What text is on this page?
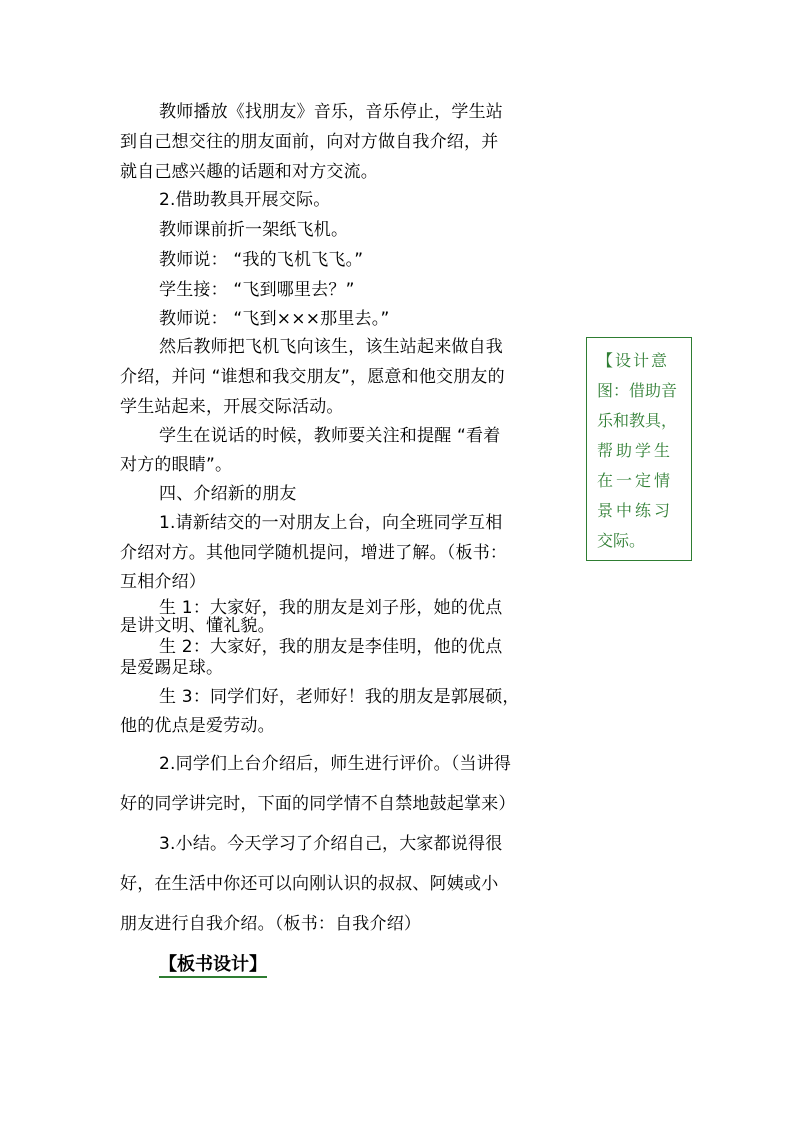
教师播放《找朋友》音乐，音乐停止，学生站
到自己想交往的朋友面前，向对方做自我介绍，并
就自己感兴趣的话题和对方交流。
2.借助教具开展交际。
教师课前折一架纸飞机。
教师说： “我的飞机飞飞。”
学生接： “飞到哪里去？”
教师说： “飞到×××那里去。”
然后教师把飞机飞向该生，该生站起来做自我
介绍，并问 “谁想和我交朋友”，愿意和他交朋友的
学生站起来，开展交际活动。
学生在说话的时候，教师要关注和提醒 “看着
对方的眼睛”。
四、介绍新的朋友
1.请新结交的一对朋友上台，向全班同学互相
介绍对方。其他同学随机提问，增进了解。（板书：
互相介绍）
生 1：大家好，我的朋友是刘子彤，她的优点
是讲文明、懂礼貌。
生 2：大家好，我的朋友是李佳明，他的优点
是爱踢足球。
生 3：同学们好，老师好！我的朋友是郭展硕，
他的优点是爱劳动。
2.同学们上台介绍后，师生进行评价。（当讲得
好的同学讲完时，下面的同学情不自禁地鼓起掌来）
3.小结。今天学习了介绍自己，大家都说得很
好，在生活中你还可以向刚认识的叔叔、阿姨或小
朋友进行自我介绍。（板书：自我介绍）
【设计意
图：借助音
乐和教具，
帮助学生
在一定情
景中练习
交际。
【板书设计】
